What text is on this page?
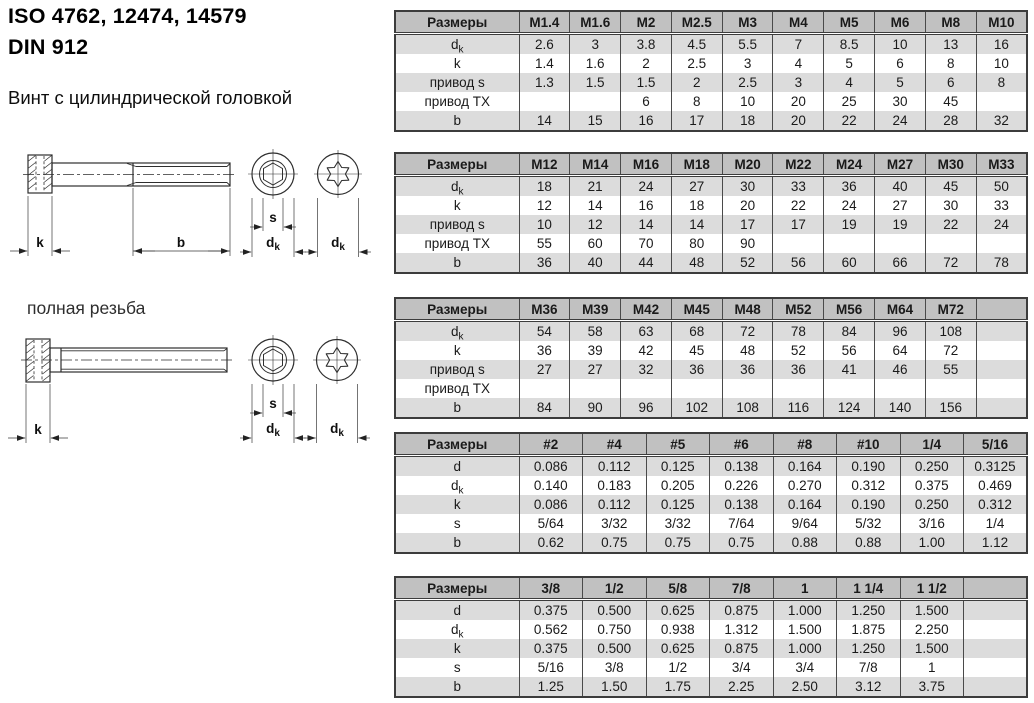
ISO 4762, 12474, 14579
DIN 912
Винт с цилиндрической головкой
k	b
s
$d_k$	$d_k$
k
s
$d_k$	$d_k$
полная резьба
Размеры	M1.4	M1.6	M2	M2.5	M3	M4	M5	M6	M8	M10
$d_k$	2.6	3	3.8	4.5	5.5	7	8.5	10	13	16
k	1.4	1.6	2	2.5	3	4	5	6	8	10
привод s	1.3	1.5	1.5	2	2.5	3	4	5	6	8
привод TX			6	8	10	20	25	30	45	
b	14	15	16	17	18	20	22	24	28	32
Размеры	M12	M14	M16	M18	M20	M22	M24	M27	M30	M33
$d_k$	18	21	24	27	30	33	36	40	45	50
k	12	14	16	18	20	22	24	27	30	33
привод s	10	12	14	14	17	17	19	19	22	24
привод TX	55	60	70	80	90					
b	36	40	44	48	52	56	60	66	72	78
Размеры	M36	M39	M42	M45	M48	M52	M56	M64	M72	
$d_k$	54	58	63	68	72	78	84	96	108	
k	36	39	42	45	48	52	56	64	72	
привод s	27	27	32	36	36	36	41	46	55	
привод TX										
b	84	90	96	102	108	116	124	140	156	
Размеры	#2	#4	#5	#6	#8	#10	1/4	5/16
d	0.086	0.112	0.125	0.138	0.164	0.190	0.250	0.3125
$d_k$	0.140	0.183	0.205	0.226	0.270	0.312	0.375	0.469
k	0.086	0.112	0.125	0.138	0.164	0.190	0.250	0.312
s	5/64	3/32	3/32	7/64	9/64	5/32	3/16	1/4
b	0.62	0.75	0.75	0.75	0.88	0.88	1.00	1.12
Размеры	3/8	1/2	5/8	7/8	1	1 1/4	1 1/2	
d	0.375	0.500	0.625	0.875	1.000	1.250	1.500	
$d_k$	0.562	0.750	0.938	1.312	1.500	1.875	2.250	
k	0.375	0.500	0.625	0.875	1.000	1.250	1.500	
s	5/16	3/8	1/2	3/4	3/4	7/8	1	
b	1.25	1.50	1.75	2.25	2.50	3.12	3.75	
